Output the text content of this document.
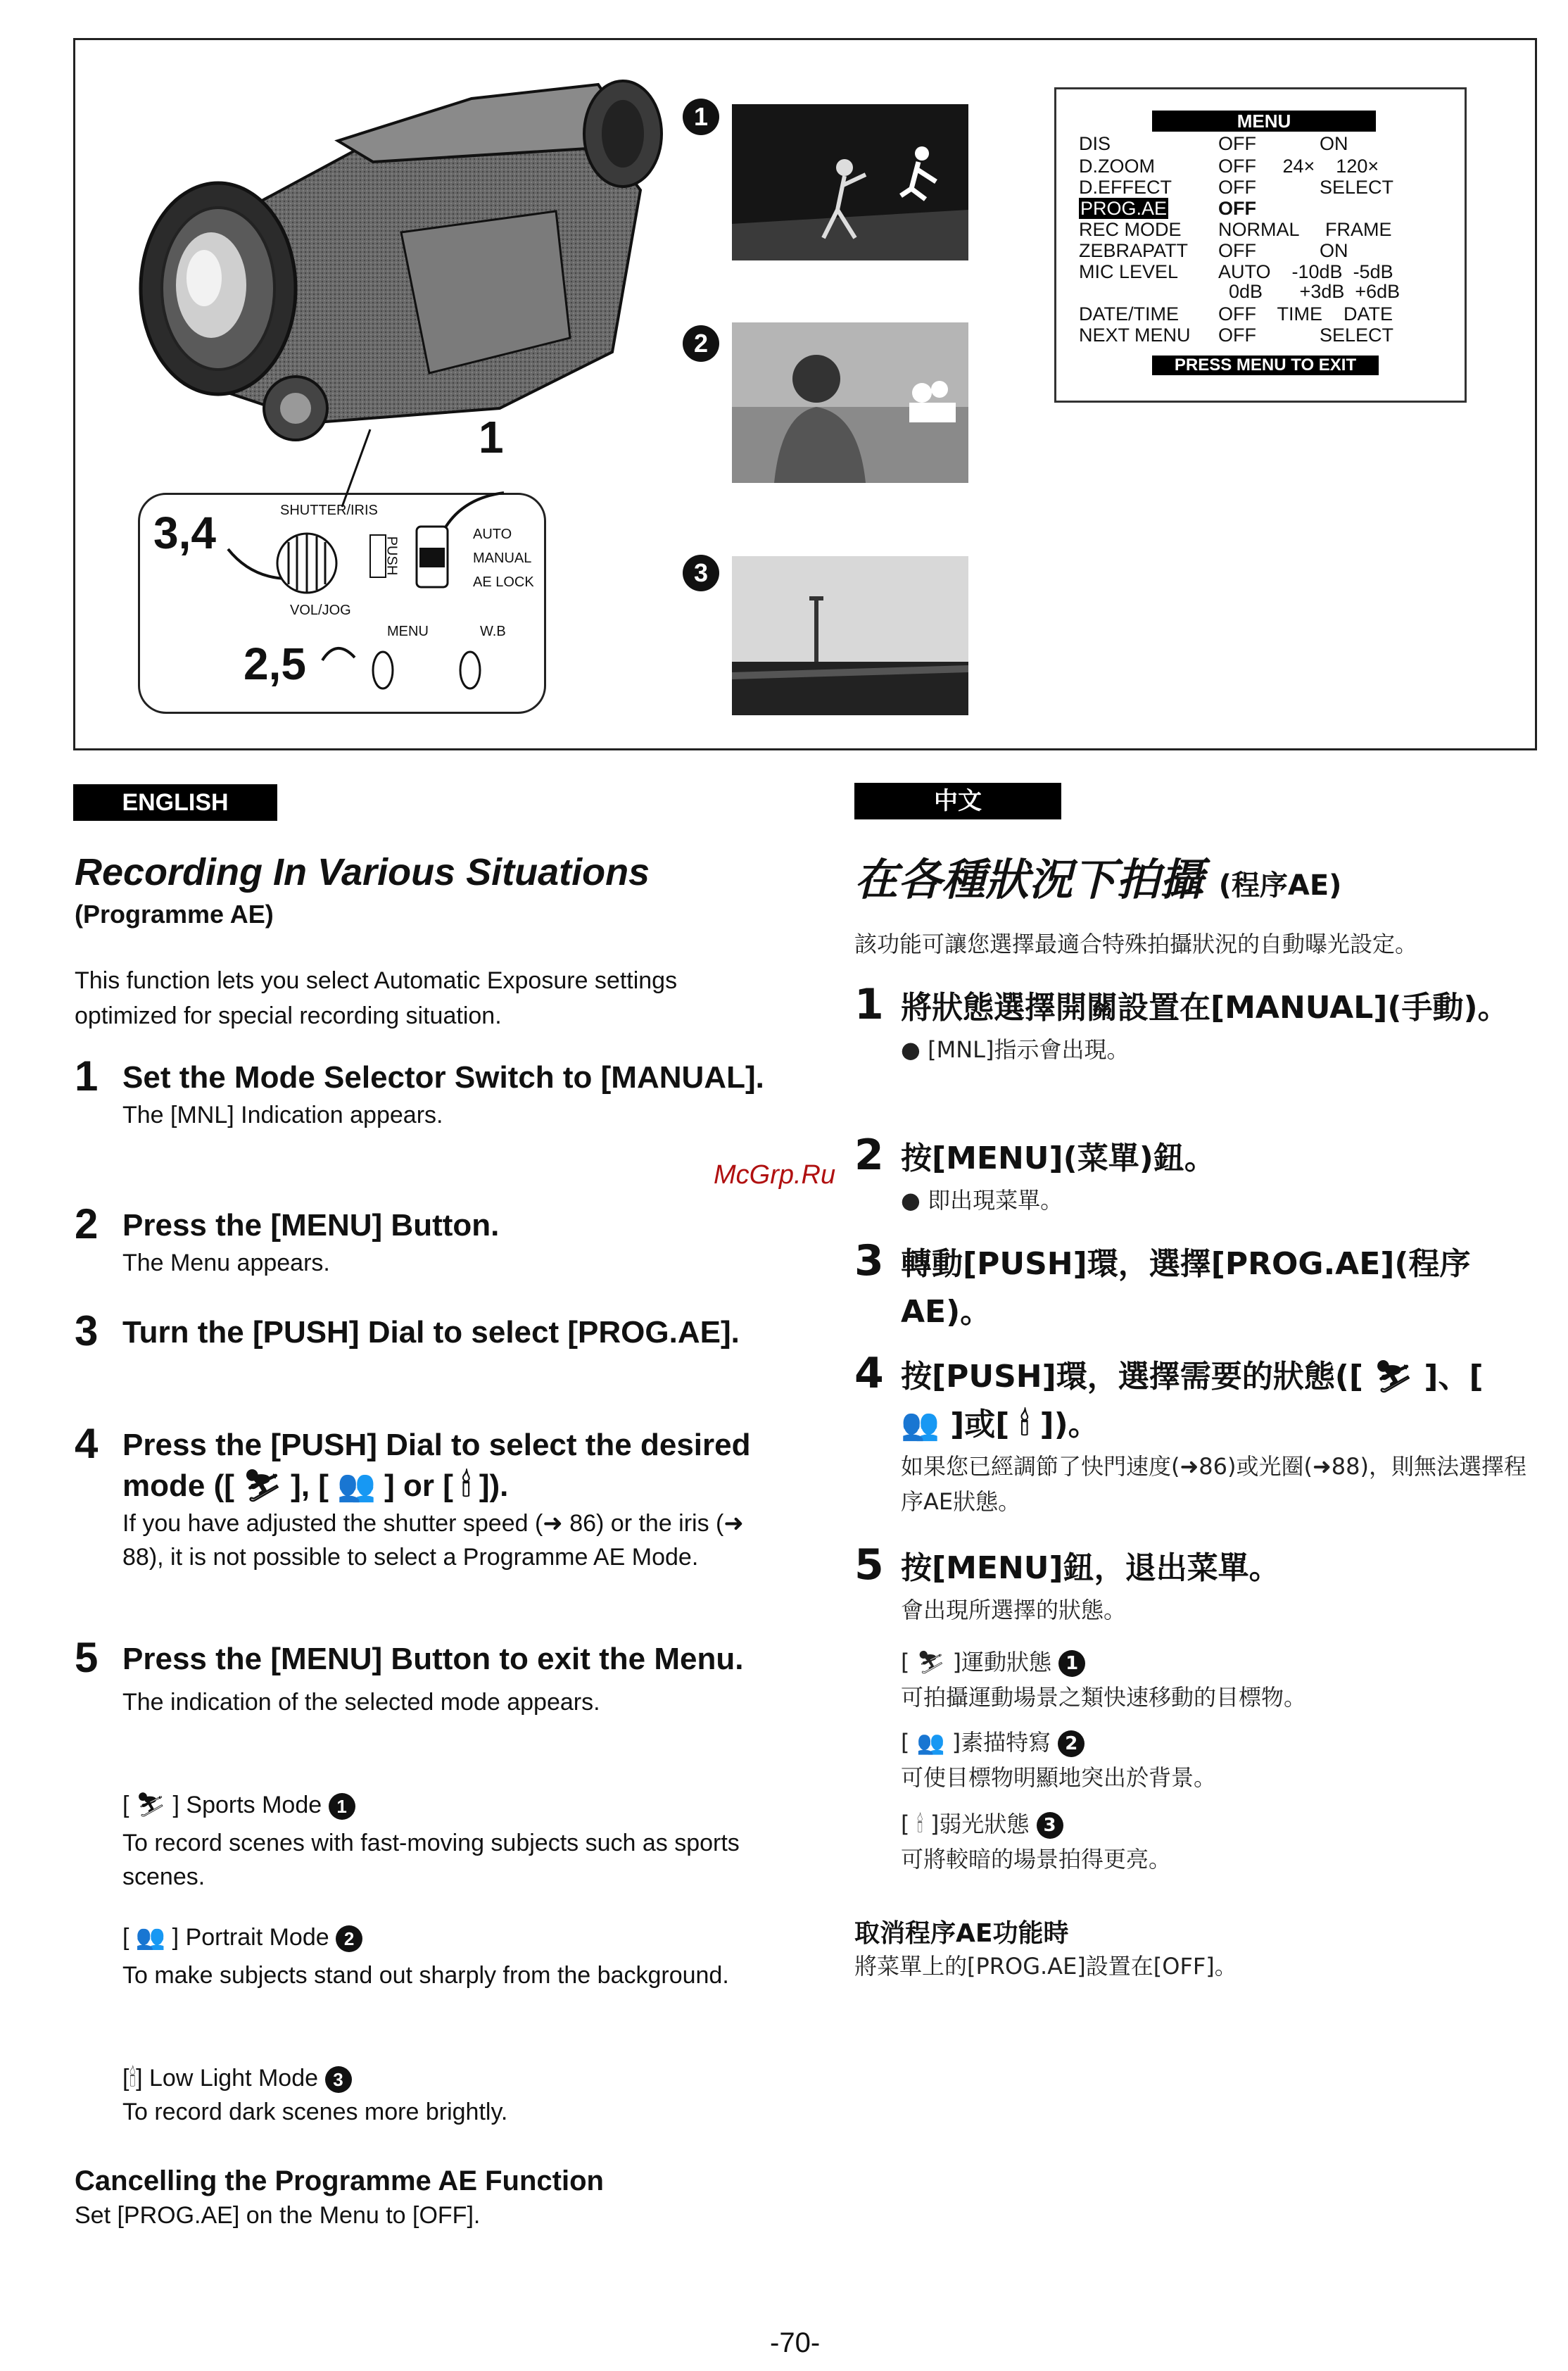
1
3,4
2,5
SHUTTER/IRIS
PUSH
VOL/JOG
MENU	W.B
AUTO
MANUAL
AE LOCK
1
2
3
MENU
DIS	OFF            ON
D.ZOOM	OFF     24×    120×
D.EFFECT OFF            SELECT
PROG.AE	OFF
REC MODE NORMAL     FRAME
ZEBRAPATT OFF            ON
MIC LEVEL AUTO    -10dB  -5dB
0dB       +3dB  +6dB
DATE/TIME OFF    TIME    DATE
NEXT MENU OFF            SELECT
PRESS MENU TO EXIT
ENGLISH
Recording In Various Situations
(Programme AE)
This function lets you select Automatic Exposure settings optimized for special recording situation.
1 Set the Mode Selector Switch to [MANUAL].
The [MNL] Indication appears.
2 Press the [MENU] Button.
The Menu appears.
3 Turn the [PUSH] Dial to select [PROG.AE].
4 Press the [PUSH] Dial to select the desired mode ([ ⛷ ], [ 👥 ] or [ 🕯 ]).
If you have adjusted the shutter speed (➜ 86) or the iris (➜ 88), it is not possible to select a Programme AE Mode.
5 Press the [MENU] Button to exit the Menu.
The indication of the selected mode appears.
[ ⛷ ] Sports Mode 1
To record scenes with fast-moving subjects such as sports scenes.
[ 👥 ] Portrait Mode 2
To make subjects stand out sharply from the background.
[🕯] Low Light Mode 3
To record dark scenes more brightly.
Cancelling the Programme AE Function
Set [PROG.AE] on the Menu to [OFF].
中文
在各種狀況下拍攝 (程序AE)
該功能可讓您選擇最適合特殊拍攝狀況的自動曝光設定。
1 將狀態選擇開關設置在[MANUAL](手動)。
● [MNL]指示會出現。
2 按[MENU](菜單)鈕。
● 即出現菜單。
3 轉動[PUSH]環，選擇[PROG.AE](程序AE)。
4 按[PUSH]環，選擇需要的狀態([ ⛷ ]、[ 👥 ]或[ 🕯 ])。
如果您已經調節了快門速度(➜86)或光圈(➜88)，則無法選擇程序AE狀態。
5 按[MENU]鈕，退出菜單。
會出現所選擇的狀態。
[ ⛷ ]運動狀態 1
可拍攝運動場景之類快速移動的目標物。
[ 👥 ]素描特寫 2
可使目標物明顯地突出於背景。
[ 🕯 ]弱光狀態 3
可將較暗的場景拍得更亮。
取消程序AE功能時
將菜單上的[PROG.AE]設置在[OFF]。
McGrp.Ru
-70-
